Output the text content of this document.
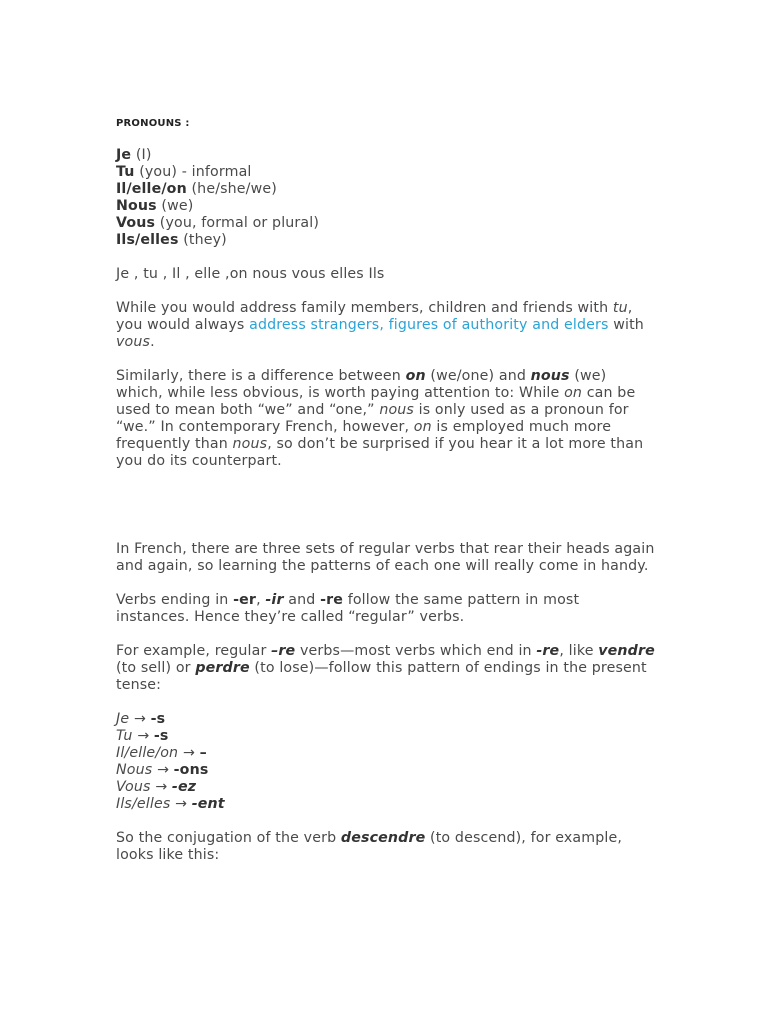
PRONOUNS :
Je (I)
Tu (you) - informal
Il/elle/on (he/she/we)
Nous (we)
Vous (you, formal or plural)
Ils/elles (they)

Je , tu , Il , elle ,on nous vous elles Ils

While you would address family members, children and friends with tu, you would always address strangers, figures of authority and elders with vous.

Similarly, there is a difference between on (we/one) and nous (we) which, while less obvious, is worth paying attention to: While on can be used to mean both “we” and “one,” nous is only used as a pronoun for “we.” In contemporary French, however, on is employed much more frequently than nous, so don’t be surprised if you hear it a lot more than you do its counterpart.

In French, there are three sets of regular verbs that rear their heads again and again, so learning the patterns of each one will really come in handy.

Verbs ending in -er, -ir and -re follow the same pattern in most instances. Hence they’re called “regular” verbs.

For example, regular –re verbs—most verbs which end in -re, like vendre (to sell) or perdre (to lose)—follow this pattern of endings in the present tense:

Je → -s
Tu → -s
Il/elle/on → –
Nous → -ons
Vous → -ez
Ils/elles → -ent

So the conjugation of the verb descendre (to descend), for example, looks like this:
